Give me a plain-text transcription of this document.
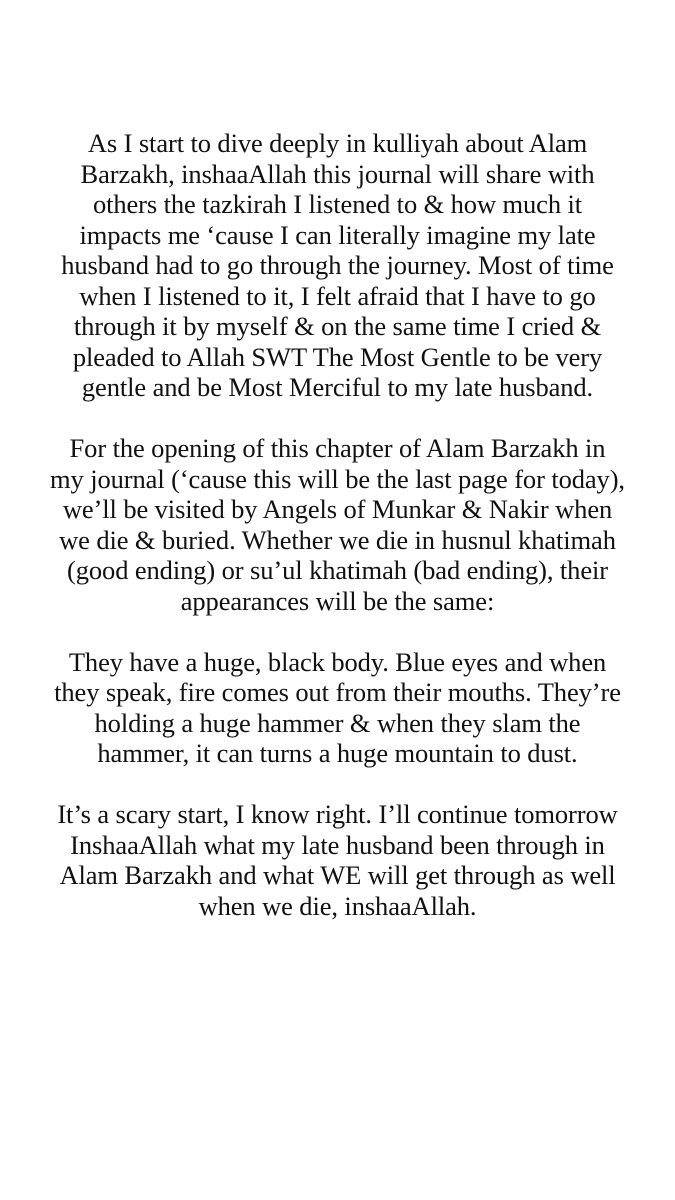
As I start to dive deeply in kulliyah about Alam Barzakh, inshaaAllah this journal will share with others the tazkirah I listened to & how much it impacts me ‘cause I can literally imagine my late husband had to go through the journey. Most of time when I listened to it, I felt afraid that I have to go through it by myself & on the same time I cried & pleaded to Allah SWT The Most Gentle to be very gentle and be Most Merciful to my late husband.

For the opening of this chapter of Alam Barzakh in my journal (‘cause this will be the last page for today), we’ll be visited by Angels of Munkar & Nakir when we die & buried. Whether we die in husnul khatimah (good ending) or su’ul khatimah (bad ending), their appearances will be the same:

They have a huge, black body. Blue eyes and when they speak, fire comes out from their mouths. They’re holding a huge hammer & when they slam the hammer, it can turns a huge mountain to dust.

It’s a scary start, I know right. I’ll continue tomorrow InshaaAllah what my late husband been through in Alam Barzakh and what WE will get through as well when we die, inshaaAllah.
